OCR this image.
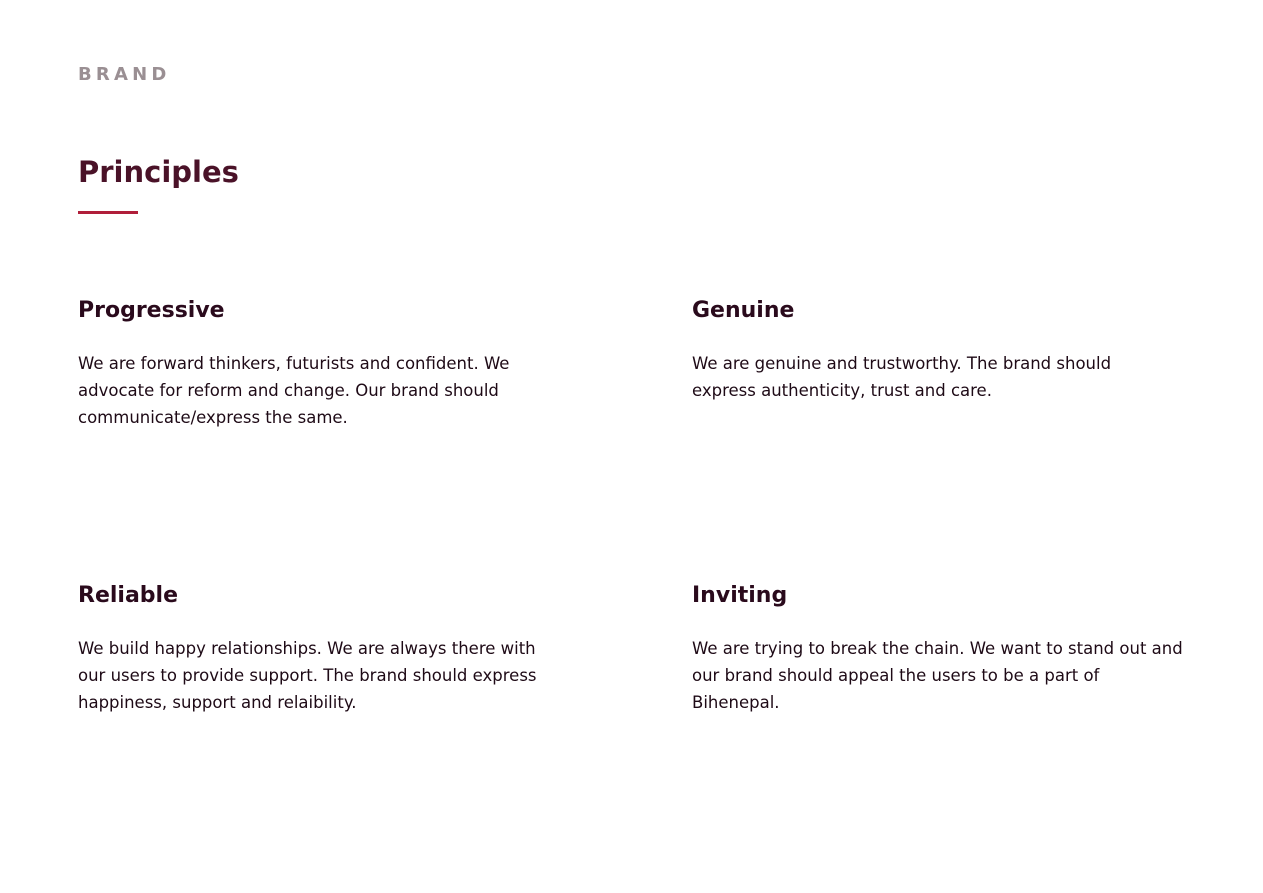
BRAND
Principles
Progressive

We are forward thinkers, futurists and confident. We advocate for reform and change. Our brand should communicate/express the same.

Genuine

We are genuine and trustworthy. The brand should express authenticity, trust and care.

Reliable

We build happy relationships. We are always there with our users to provide support. The brand should express happiness, support and relaibility.

Inviting

We are trying to break the chain. We want to stand out and our brand should appeal the users to be a part of Bihenepal.
